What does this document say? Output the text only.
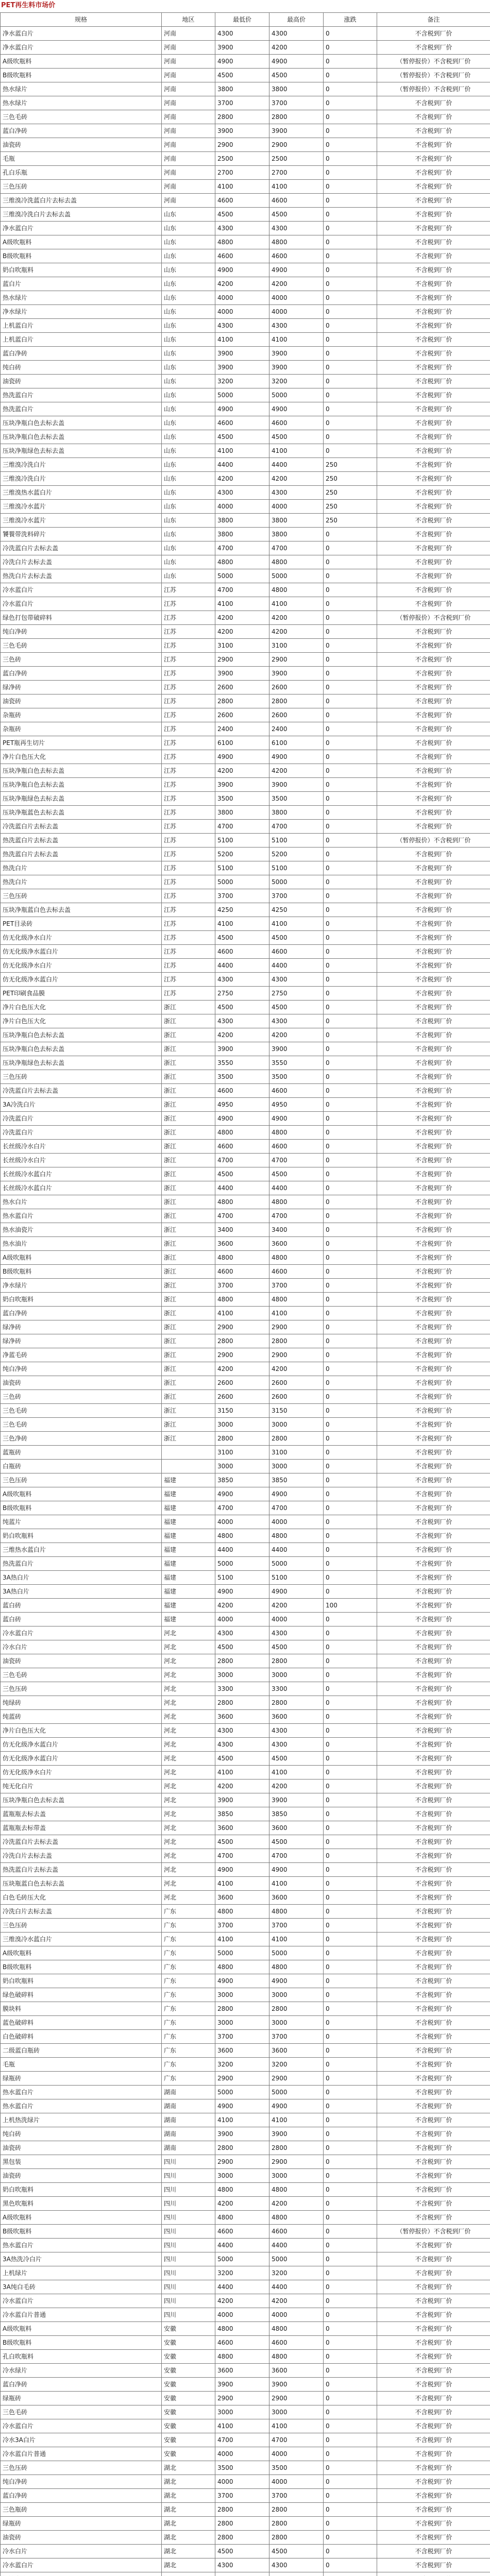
PET再生料市场价
规格	地区	最低价	最高价	涨跌	备注
净水蓝白片	河南	4300	4300	0	不含税到厂价
净水蓝白片	河南	3900	4200	0	不含税到厂价
A级吹瓶料	河南	4900	4900	0	（暂停报价）不含税到厂价
B级吹瓶料	河南	4500	4500	0	（暂停报价）不含税到厂价
热水绿片	河南	3800	3800	0	（暂停报价）不含税到厂价
热水绿片	河南	3700	3700	0	不含税到厂价
三色毛砖	河南	2800	2800	0	不含税到厂价
蓝白净砖	河南	3900	3900	0	不含税到厂价
油瓷砖	河南	2900	2900	0	不含税到厂价
毛瓶	河南	2500	2500	0	不含税到厂价
孔白乐瓶	河南	2700	2700	0	不含税到厂价
三色压砖	河南	4100	4100	0	不含税到厂价
三维溴冷洗蓝白片去标去盖	河南	4600	4600	0	不含税到厂价
三维溴冷洗白片去标去盖	山东	4500	4500	0	不含税到厂价
净水蓝白片	山东	4300	4300	0	不含税到厂价
A级吹瓶料	山东	4800	4800	0	不含税到厂价
B级吹瓶料	山东	4600	4600	0	不含税到厂价
奶白吹瓶料	山东	4900	4900	0	不含税到厂价
蓝白片	山东	4200	4200	0	不含税到厂价
热水绿片	山东	4000	4000	0	不含税到厂价
净水绿片	山东	4000	4000	0	不含税到厂价
上机蓝白片	山东	4300	4300	0	不含税到厂价
上机蓝白片	山东	4100	4100	0	不含税到厂价
蓝白净砖	山东	3900	3900	0	不含税到厂价
纯白砖	山东	3900	3900	0	不含税到厂价
油瓷砖	山东	3200	3200	0	不含税到厂价
热洗蓝白片	山东	5000	5000	0	不含税到厂价
热洗蓝白片	山东	4900	4900	0	不含税到厂价
压块净瓶白色去标去盖	山东	4600	4600	0	不含税到厂价
压块净瓶白色去标去盖	山东	4500	4500	0	不含税到厂价
压块净瓶绿色去标去盖	山东	4100	4100	0	不含税到厂价
三维溴冷洗白片	山东	4400	4400	250	不含税到厂价
三维溴冷洗白片	山东	4200	4200	250	不含税到厂价
三维溴热水蓝白片	山东	4300	4300	250	不含税到厂价
三维溴冷水蓝片	山东	4000	4000	250	不含税到厂价
三维溴冷水蓝片	山东	3800	3800	250	不含税到厂价
饕餮带洗料碎片	山东	3800	3800	0	不含税到厂价
冷洗蓝白片去标去盖	山东	4700	4700	0	不含税到厂价
冷洗白片去标去盖	山东	4800	4800	0	不含税到厂价
热洗白片去标去盖	山东	5000	5000	0	不含税到厂价
冷水蓝白片	江苏	4700	4800	0	不含税到厂价
冷水蓝白片	江苏	4100	4100	0	不含税到厂价
绿色打包带破碎料	江苏	4200	4200	0	（暂停报价）不含税到厂价
纯白净砖	江苏	4200	4200	0	不含税到厂价
三色毛砖	江苏	3100	3100	0	不含税到厂价
三色砖	江苏	2900	2900	0	不含税到厂价
蓝白净砖	江苏	3900	3900	0	不含税到厂价
绿净砖	江苏	2600	2600	0	不含税到厂价
油瓷砖	江苏	2800	2800	0	不含税到厂价
杂瓶砖	江苏	2600	2600	0	不含税到厂价
杂瓶砖	江苏	2400	2400	0	不含税到厂价
PET瓶再生切片	江苏	6100	6100	0	不含税到厂价
净片白色压大化	江苏	4900	4900	0	不含税到厂价
压块净瓶白色去标去盖	江苏	4200	4200	0	不含税到厂价
压块净瓶白色去标去盖	江苏	3900	3900	0	不含税到厂价
压块净瓶绿色去标去盖	江苏	3500	3500	0	不含税到厂价
压块净瓶蓝色去标去盖	江苏	3800	3800	0	不含税到厂价
冷洗蓝白片去标去盖	江苏	4700	4700	0	不含税到厂价
热洗蓝白片去标去盖	江苏	5100	5100	0	（暂停报价）不含税到厂价
热洗蓝白片去标去盖	江苏	5200	5200	0	不含税到厂价
热洗白片	江苏	5100	5100	0	不含税到厂价
热洗白片	江苏	5000	5000	0	不含税到厂价
三色压砖	江苏	3700	3700	0	不含税到厂价
压块净瓶蓝白色去标去盖	江苏	4250	4250	0	不含税到厂价
PET目录砖	江苏	4100	4100	0	不含税到厂价
仿无化级净水白片	江苏	4500	4500	0	不含税到厂价
仿无化级净水蓝白片	江苏	4600	4600	0	不含税到厂价
仿无化级净水白片	江苏	4400	4400	0	不含税到厂价
仿无化级净水蓝白片	江苏	4300	4300	0	不含税到厂价
PET印刷食品膜	江苏	2750	2750	0	不含税到厂价
净片白色压大化	浙江	4500	4500	0	不含税到厂价
净片白色压大化	浙江	4300	4300	0	不含税到厂价
压块净瓶白色去标去盖	浙江	4200	4200	0	不含税到厂价
压块净瓶白色去标去盖	浙江	3900	3900	0	不含税到厂价
压块净瓶绿色去标去盖	浙江	3550	3550	0	不含税到厂价
三色压砖	浙江	3500	3500	0	不含税到厂价
冷洗蓝白片去标去盖	浙江	4600	4600	0	不含税到厂价
3A冷洗白片	浙江	4950	4950	0	不含税到厂价
冷洗蓝白片	浙江	4900	4900	0	不含税到厂价
冷洗蓝白片	浙江	4800	4800	0	不含税到厂价
长丝级冷水白片	浙江	4600	4600	0	不含税到厂价
长丝级冷水白片	浙江	4700	4700	0	不含税到厂价
长丝级冷水蓝白片	浙江	4500	4500	0	不含税到厂价
长丝级冷水蓝白片	浙江	4400	4400	0	不含税到厂价
热水白片	浙江	4800	4800	0	不含税到厂价
热水蓝白片	浙江	4700	4700	0	不含税到厂价
热水油瓷片	浙江	3400	3400	0	不含税到厂价
热水油片	浙江	3600	3600	0	不含税到厂价
A级吹瓶料	浙江	4800	4800	0	不含税到厂价
B级吹瓶料	浙江	4600	4600	0	不含税到厂价
净水绿片	浙江	3700	3700	0	不含税到厂价
奶白吹瓶料	浙江	4800	4800	0	不含税到厂价
蓝白净砖	浙江	4100	4100	0	不含税到厂价
绿净砖	浙江	2900	2900	0	不含税到厂价
绿净砖	浙江	2800	2800	0	不含税到厂价
净蓝毛砖	浙江	2900	2900	0	不含税到厂价
纯白净砖	浙江	4200	4200	0	不含税到厂价
油瓷砖	浙江	2600	2600	0	不含税到厂价
三色砖	浙江	2600	2600	0	不含税到厂价
三色毛砖	浙江	3150	3150	0	不含税到厂价
三色毛砖	浙江	3000	3000	0	不含税到厂价
三色净砖	浙江	2800	2800	0	不含税到厂价
蓝瓶砖		3100	3100	0	不含税到厂价
白瓶砖		3000	3000	0	不含税到厂价
三色压砖	福建	3850	3850	0	不含税到厂价
A级吹瓶料	福建	4900	4900	0	不含税到厂价
B级吹瓶料	福建	4700	4700	0	不含税到厂价
纯蓝片	福建	4000	4000	0	不含税到厂价
奶白吹瓶料	福建	4800	4800	0	不含税到厂价
三维热水蓝白片	福建	4400	4400	0	不含税到厂价
热洗蓝白片	福建	5000	5000	0	不含税到厂价
3A热白片	福建	5100	5100	0	不含税到厂价
3A热白片	福建	4900	4900	0	不含税到厂价
蓝白砖	福建	4200	4200	100	不含税到厂价
蓝白砖	福建	4000	4000	0	不含税到厂价
冷水蓝白片	河北	4300	4300	0	不含税到厂价
冷水白片	河北	4500	4500	0	不含税到厂价
油瓷砖	河北	2800	2800	0	不含税到厂价
三色毛砖	河北	3000	3000	0	不含税到厂价
三色压砖	河北	3300	3300	0	不含税到厂价
纯绿砖	河北	2800	2800	0	不含税到厂价
纯蓝砖	河北	3600	3600	0	不含税到厂价
净片白色压大化	河北	4300	4300	0	不含税到厂价
仿无化级净水蓝白片	河北	4300	4300	0	不含税到厂价
仿无化级净水蓝白片	河北	4500	4500	0	不含税到厂价
仿无化级净水白片	河北	4100	4100	0	不含税到厂价
纯无化白片	河北	4200	4200	0	不含税到厂价
压块净瓶白色去标去盖	河北	3900	3900	0	不含税到厂价
蓝瓶瓶去标去盖	河北	3850	3850	0	不含税到厂价
蓝瓶瓶去标带盖	河北	3600	3600	0	不含税到厂价
冷洗蓝白片去标去盖	河北	4500	4500	0	不含税到厂价
冷洗白片去标去盖	河北	4700	4700	0	不含税到厂价
热洗蓝白片去标去盖	河北	4900	4900	0	不含税到厂价
压块瓶蓝白色去标去盖	河北	4100	4100	0	不含税到厂价
白色毛砖压大化	河北	3600	3600	0	不含税到厂价
冷洗白片去标去盖	广东	4800	4800	0	不含税到厂价
三色压砖	广东	3700	3700	0	不含税到厂价
三维溴冷水蓝白片	广东	4100	4100	0	不含税到厂价
A级吹瓶料	广东	5000	5000	0	不含税到厂价
B级吹瓶料	广东	4800	4800	0	不含税到厂价
奶白吹瓶料	广东	4900	4900	0	不含税到厂价
绿色破碎料	广东	3000	3000	0	不含税到厂价
膜块料	广东	2800	2800	0	不含税到厂价
蓝色破碎料	广东	3000	3000	0	不含税到厂价
白色破碎料	广东	3700	3700	0	不含税到厂价
二级蓝白瓶砖	广东	3600	3600	0	不含税到厂价
毛瓶	广东	3200	3200	0	不含税到厂价
绿瓶砖	广东	2900	2900	0	不含税到厂价
热水蓝白片	湖南	5000	5000	0	不含税到厂价
热水蓝白片	湖南	4900	4900	0	不含税到厂价
上机热洗绿片	湖南	4100	4100	0	不含税到厂价
纯白砖	湖南	3900	3900	0	不含税到厂价
油瓷砖	湖南	2800	2800	0	不含税到厂价
黑包装	四川	2900	2900	0	不含税到厂价
油瓷砖	四川	3000	3000	0	不含税到厂价
奶白吹瓶料	四川	4800	4800	0	不含税到厂价
黑色吹瓶料	四川	4200	4200	0	不含税到厂价
A级吹瓶料	四川	4800	4800	0	不含税到厂价
B级吹瓶料	四川	4600	4600	0	（暂停报价）不含税到厂价
热水蓝白片	四川	4400	4400	0	不含税到厂价
3A热洗冷白片	四川	5000	5000	0	不含税到厂价
上机绿片	四川	3200	3200	0	不含税到厂价
3A纯白毛砖	四川	4400	4400	0	不含税到厂价
冷水蓝白片	四川	4200	4200	0	不含税到厂价
冷水蓝白片普通	四川	4000	4000	0	不含税到厂价
A级吹瓶料	安徽	4800	4800	0	不含税到厂价
B级吹瓶料	安徽	4600	4600	0	不含税到厂价
孔白吹瓶料	安徽	4800	4800	0	不含税到厂价
冷水绿片	安徽	3600	3600	0	不含税到厂价
蓝白净砖	安徽	3900	3900	0	不含税到厂价
绿瓶砖	安徽	2900	2900	0	不含税到厂价
三色毛砖	安徽	3000	3000	0	不含税到厂价
冷水蓝白片	安徽	4100	4100	0	不含税到厂价
冷水3A白片	安徽	4700	4700	0	不含税到厂价
冷水蓝白片普通	安徽	4000	4000	0	不含税到厂价
三色压砖	湖北	3500	3500	0	不含税到厂价
纯白净砖	湖北	4000	4000	0	不含税到厂价
蓝白净砖	湖北	3700	3700	0	不含税到厂价
三色瓶砖	湖北	2800	2800	0	不含税到厂价
绿瓶砖	湖北	2800	2800	0	不含税到厂价
油瓷砖	湖北	2800	2800	0	不含税到厂价
冷水白片	湖北	4500	4500	0	不含税到厂价
冷水蓝白片	湖北	4300	4300	0	不含税到厂价
